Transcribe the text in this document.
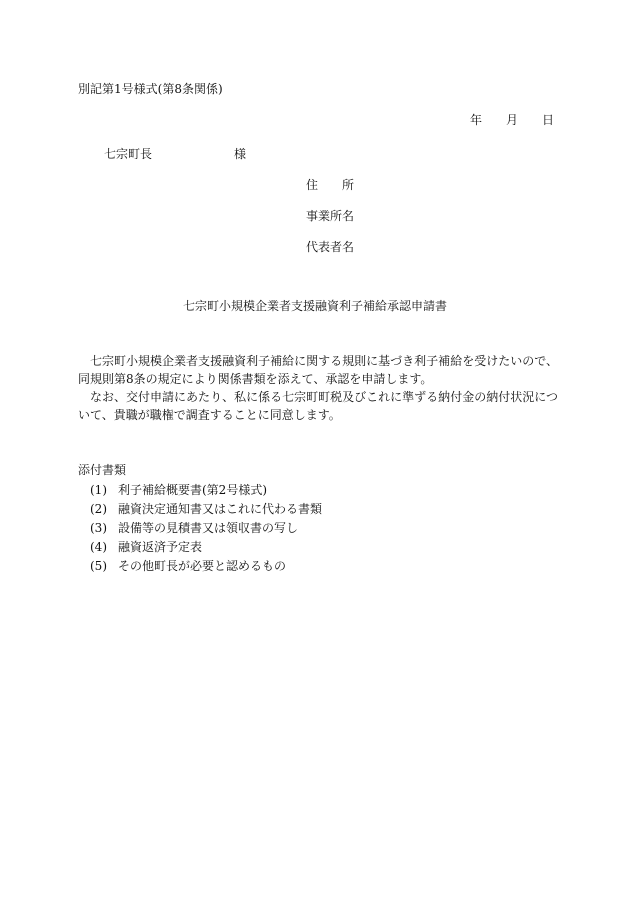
別記第1号様式(第8条関係)
年 月 日
七宗町長	様
住 所
事業所名
代表者名
七宗町小規模企業者支援融資利子補給承認申請書

七宗町小規模企業者支援融資利子補給に関する規則に基づき利子補給を受けたいので、同規則第8条の規定により関係書類を添えて、承認を申請します。

なお、交付申請にあたり、私に係る七宗町町税及びこれに準ずる納付金の納付状況について、貴職が職権で調査することに同意します。

添付書類
(1) 利子補給概要書(第2号様式)
(2) 融資決定通知書又はこれに代わる書類
(3) 設備等の見積書又は領収書の写し
(4) 融資返済予定表
(5) その他町長が必要と認めるもの
